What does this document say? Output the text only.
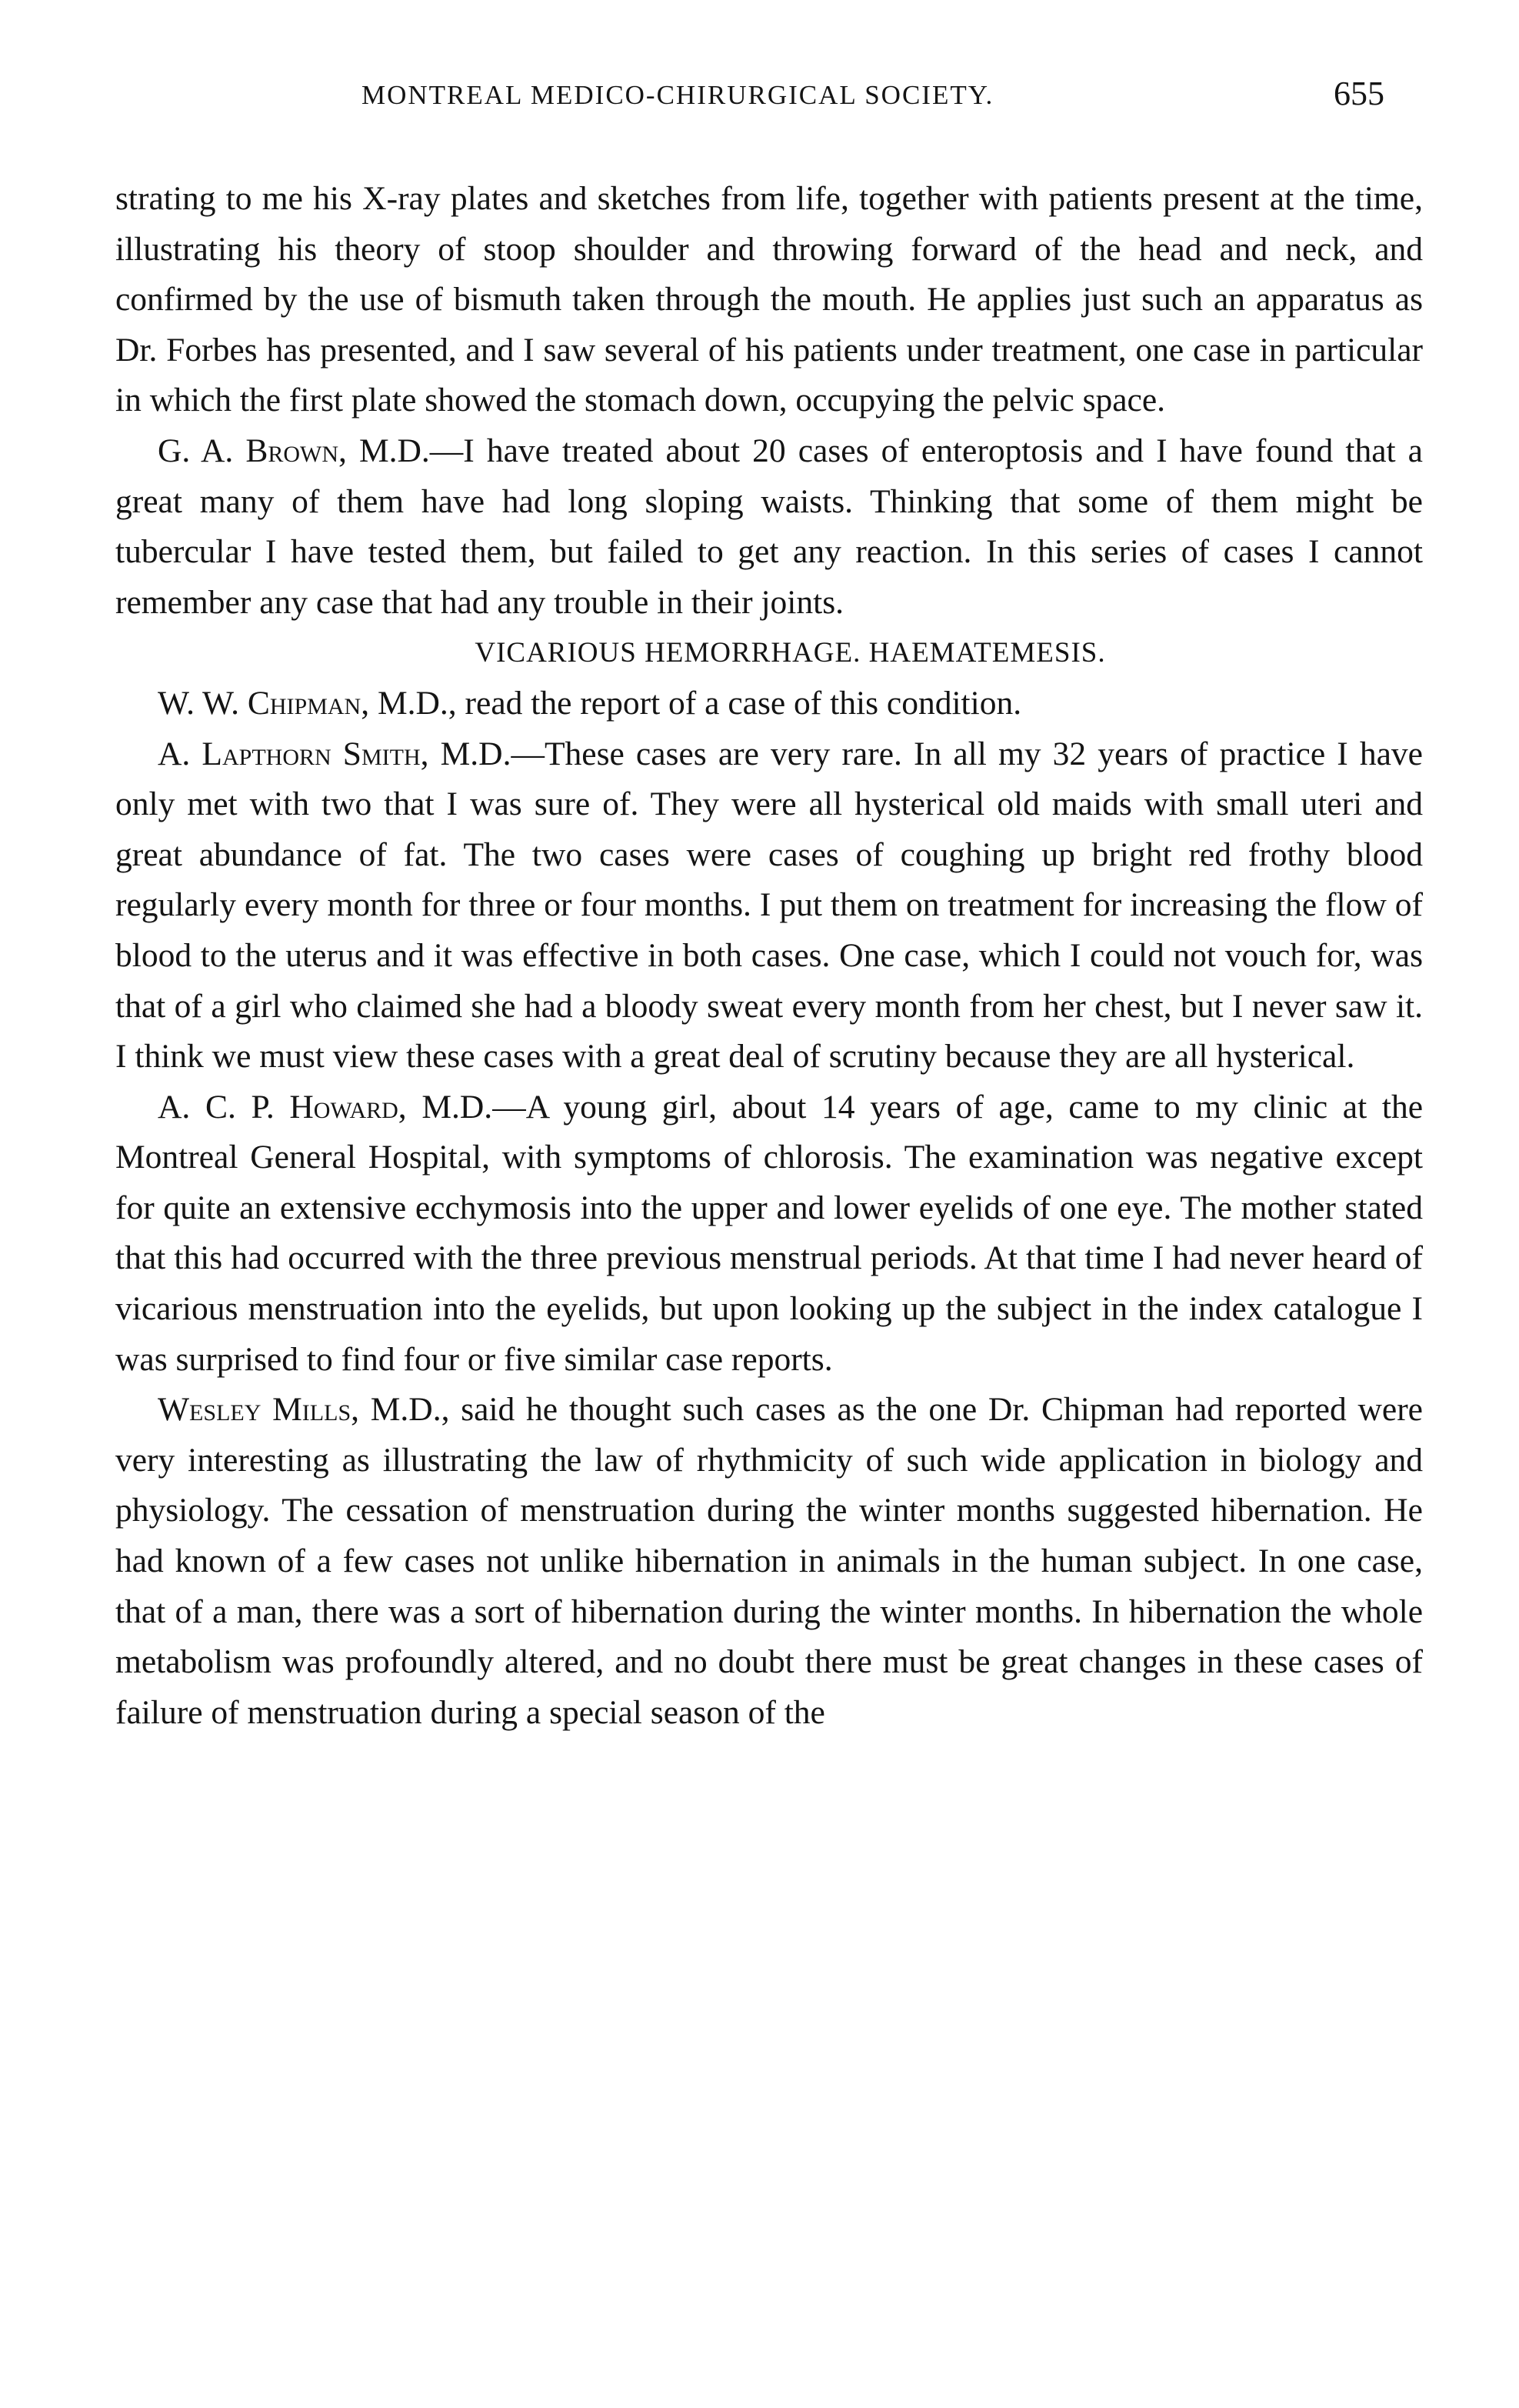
MONTREAL MEDICO-CHIRURGICAL SOCIETY.	655

strating to me his X-ray plates and sketches from life, together with patients present at the time, illustrating his theory of stoop shoulder and throwing forward of the head and neck, and confirmed by the use of bismuth taken through the mouth. He applies just such an apparatus as Dr. Forbes has presented, and I saw several of his patients under treatment, one case in particular in which the first plate showed the stomach down, occupying the pelvic space.

G. A. Brown, M.D.—I have treated about 20 cases of enteroptosis and I have found that a great many of them have had long sloping waists. Thinking that some of them might be tubercular I have tested them, but failed to get any reaction. In this series of cases I cannot remember any case that had any trouble in their joints.

VICARIOUS HEMORRHAGE. HAEMATEMESIS.

W. W. Chipman, M.D., read the report of a case of this condition.

A. Lapthorn Smith, M.D.—These cases are very rare. In all my 32 years of practice I have only met with two that I was sure of. They were all hysterical old maids with small uteri and great abundance of fat. The two cases were cases of coughing up bright red frothy blood regularly every month for three or four months. I put them on treatment for increasing the flow of blood to the uterus and it was effective in both cases. One case, which I could not vouch for, was that of a girl who claimed she had a bloody sweat every month from her chest, but I never saw it. I think we must view these cases with a great deal of scrutiny because they are all hysterical.

A. C. P. Howard, M.D.—A young girl, about 14 years of age, came to my clinic at the Montreal General Hospital, with symptoms of chlorosis. The examination was negative except for quite an extensive ecchymosis into the upper and lower eyelids of one eye. The mother stated that this had occurred with the three previous menstrual periods. At that time I had never heard of vicarious menstruation into the eyelids, but upon looking up the subject in the index catalogue I was surprised to find four or five similar case reports.

Wesley Mills, M.D., said he thought such cases as the one Dr. Chipman had reported were very interesting as illustrating the law of rhythmicity of such wide application in biology and physiology. The cessation of menstruation during the winter months suggested hibernation. He had known of a few cases not unlike hibernation in animals in the human subject. In one case, that of a man, there was a sort of hibernation during the winter months. In hibernation the whole metabolism was profoundly altered, and no doubt there must be great changes in these cases of failure of menstruation during a special season of the
